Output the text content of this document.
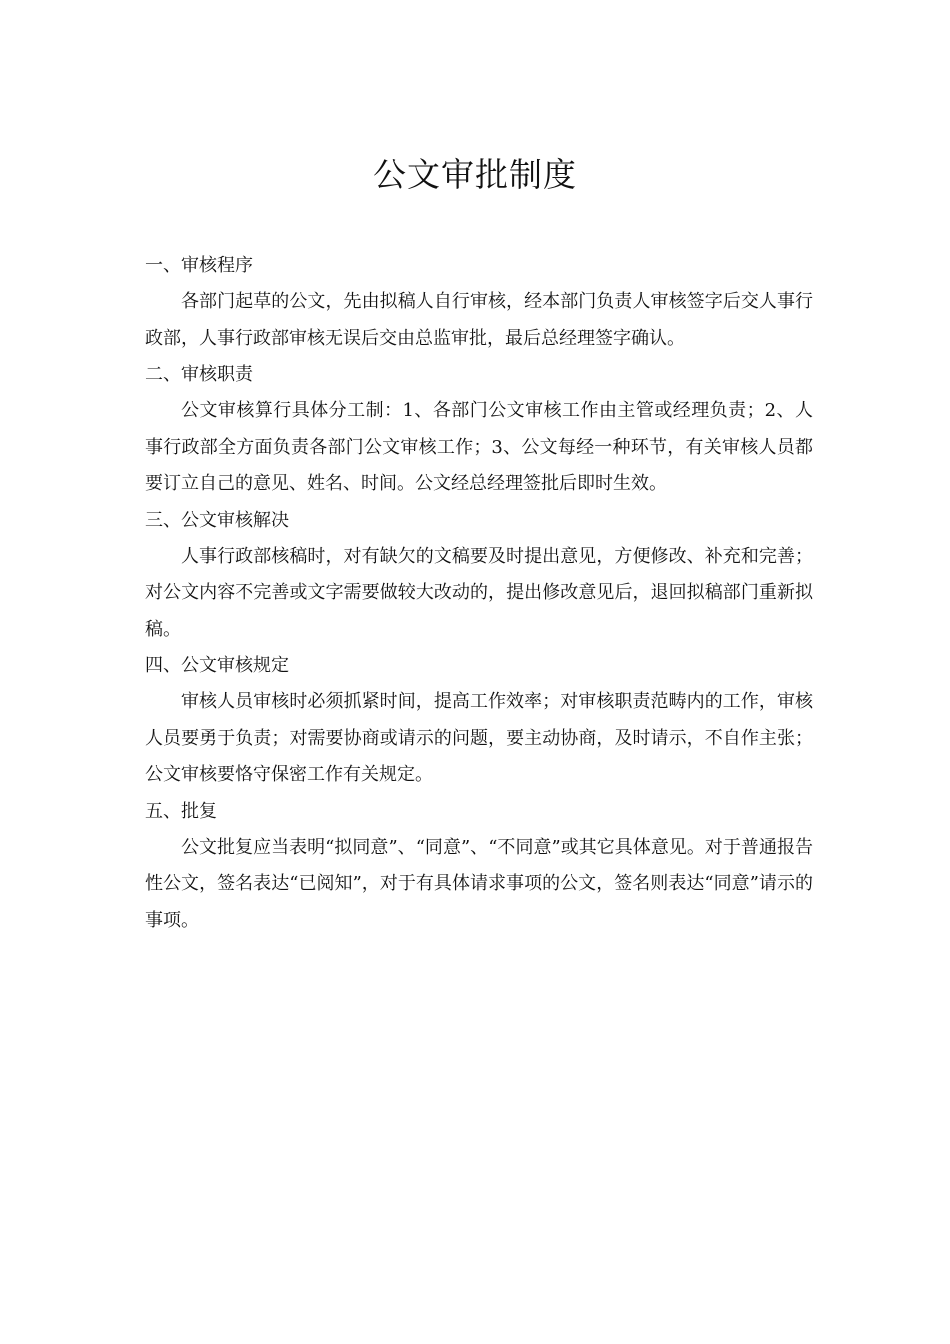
公文审批制度

一、审核程序

各部门起草的公文，先由拟稿人自行审核，经本部门负责人审核签字后交人事行政部，人事行政部审核无误后交由总监审批，最后总经理签字确认。

二、审核职责

公文审核算行具体分工制：1、各部门公文审核工作由主管或经理负责；2、人事行政部全方面负责各部门公文审核工作；3、公文每经一种环节，有关审核人员都要订立自己的意见、姓名、时间。公文经总经理签批后即时生效。

三、公文审核解决

人事行政部核稿时，对有缺欠的文稿要及时提出意见，方便修改、补充和完善；对公文内容不完善或文字需要做较大改动的，提出修改意见后，退回拟稿部门重新拟稿。

四、公文审核规定

审核人员审核时必须抓紧时间，提高工作效率；对审核职责范畴内的工作，审核人员要勇于负责；对需要协商或请示的问题，要主动协商，及时请示，不自作主张；公文审核要恪守保密工作有关规定。

五、批复

公文批复应当表明“拟同意”、“同意”、“不同意”或其它具体意见。对于普通报告性公文，签名表达“已阅知”，对于有具体请求事项的公文，签名则表达“同意”请示的事项。
